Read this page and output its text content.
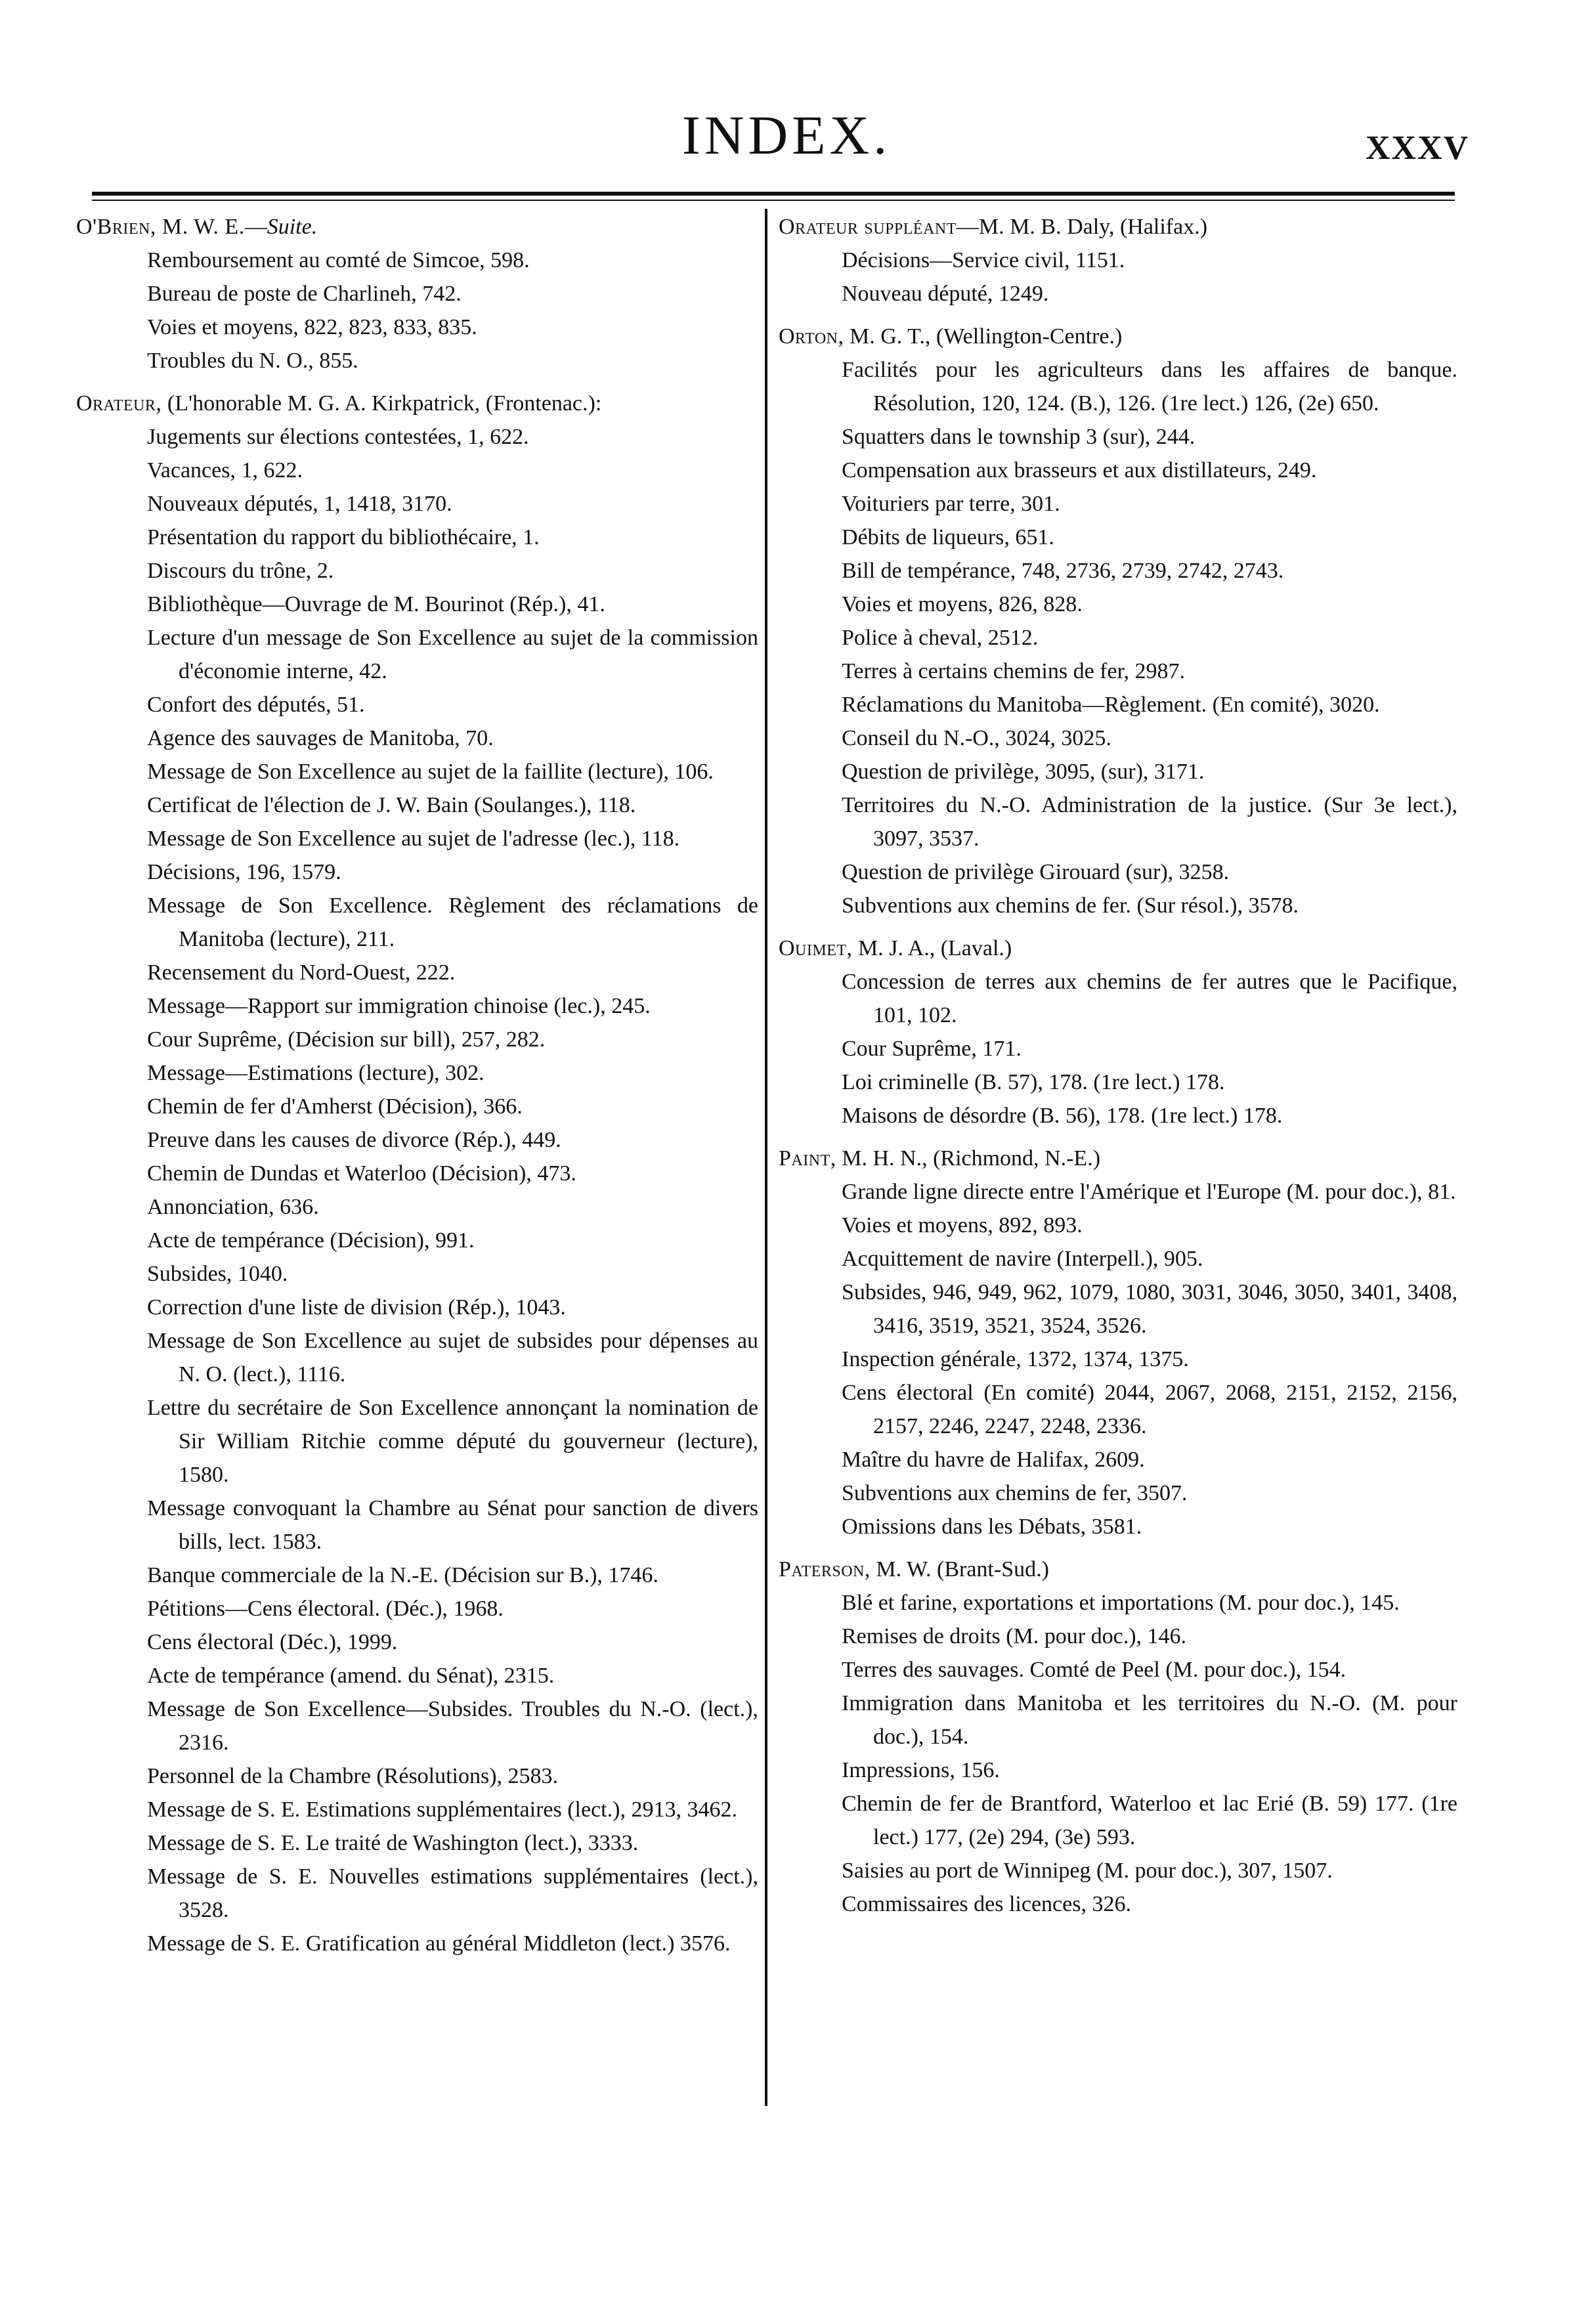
INDEX.	XXXV
O'Brien, M. W. E.—Suite.
Remboursement au comté de Simcoe, 598.
Bureau de poste de Charlineh, 742.
Voies et moyens, 822, 823, 833, 835.
Troubles du N. O., 855.
Orateur, (L'honorable M. G. A. Kirkpatrick, (Frontenac.):
Jugements sur élections contestées, 1, 622.
Vacances, 1, 622.
Nouveaux députés, 1, 1418, 3170.
Présentation du rapport du bibliothécaire, 1.
Discours du trône, 2.
Bibliothèque—Ouvrage de M. Bourinot (Rép.), 41.
Lecture d'un message de Son Excellence au sujet de la commission d'économie interne, 42.
Confort des députés, 51.
Agence des sauvages de Manitoba, 70.
Message de Son Excellence au sujet de la faillite (lecture), 106.
Certificat de l'élection de J. W. Bain (Soulanges.), 118.
Message de Son Excellence au sujet de l'adresse (lec.), 118.
Décisions, 196, 1579.
Message de Son Excellence. Règlement des réclamations de Manitoba (lecture), 211.
Recensement du Nord-Ouest, 222.
Message—Rapport sur immigration chinoise (lec.), 245.
Cour Suprême, (Décision sur bill), 257, 282.
Message—Estimations (lecture), 302.
Chemin de fer d'Amherst (Décision), 366.
Preuve dans les causes de divorce (Rép.), 449.
Chemin de Dundas et Waterloo (Décision), 473.
Annonciation, 636.
Acte de tempérance (Décision), 991.
Subsides, 1040.
Correction d'une liste de division (Rép.), 1043.
Message de Son Excellence au sujet de subsides pour dépenses au N. O. (lect.), 1116.
Lettre du secrétaire de Son Excellence annonçant la nomination de Sir William Ritchie comme député du gouverneur (lecture), 1580.
Message convoquant la Chambre au Sénat pour sanction de divers bills, lect. 1583.
Banque commerciale de la N.-E. (Décision sur B.), 1746.
Pétitions—Cens électoral. (Déc.), 1968.
Cens électoral (Déc.), 1999.
Acte de tempérance (amend. du Sénat), 2315.
Message de Son Excellence—Subsides. Troubles du N.-O. (lect.), 2316.
Personnel de la Chambre (Résolutions), 2583.
Message de S. E. Estimations supplémentaires (lect.), 2913, 3462.
Message de S. E. Le traité de Washington (lect.), 3333.
Message de S. E. Nouvelles estimations supplémentaires (lect.), 3528.
Message de S. E. Gratification au général Middleton (lect.) 3576.
Orateur suppléant—M. M. B. Daly, (Halifax.)
Décisions—Service civil, 1151.
Nouveau député, 1249.
Orton, M. G. T., (Wellington-Centre.)
Facilités pour les agriculteurs dans les affaires de banque. Résolution, 120, 124. (B.), 126. (1re lect.) 126, (2e) 650.
Squatters dans le township 3 (sur), 244.
Compensation aux brasseurs et aux distillateurs, 249.
Voituriers par terre, 301.
Débits de liqueurs, 651.
Bill de tempérance, 748, 2736, 2739, 2742, 2743.
Voies et moyens, 826, 828.
Police à cheval, 2512.
Terres à certains chemins de fer, 2987.
Réclamations du Manitoba—Règlement. (En comité), 3020.
Conseil du N.-O., 3024, 3025.
Question de privilège, 3095, (sur), 3171.
Territoires du N.-O. Administration de la justice. (Sur 3e lect.), 3097, 3537.
Question de privilège Girouard (sur), 3258.
Subventions aux chemins de fer. (Sur résol.), 3578.
Ouimet, M. J. A., (Laval.)
Concession de terres aux chemins de fer autres que le Pacifique, 101, 102.
Cour Suprême, 171.
Loi criminelle (B. 57), 178. (1re lect.) 178.
Maisons de désordre (B. 56), 178. (1re lect.) 178.
Paint, M. H. N., (Richmond, N.-E.)
Grande ligne directe entre l'Amérique et l'Europe (M. pour doc.), 81.
Voies et moyens, 892, 893.
Acquittement de navire (Interpell.), 905.
Subsides, 946, 949, 962, 1079, 1080, 3031, 3046, 3050, 3401, 3408, 3416, 3519, 3521, 3524, 3526.
Inspection générale, 1372, 1374, 1375.
Cens électoral (En comité) 2044, 2067, 2068, 2151, 2152, 2156, 2157, 2246, 2247, 2248, 2336.
Maître du havre de Halifax, 2609.
Subventions aux chemins de fer, 3507.
Omissions dans les Débats, 3581.
Paterson, M. W. (Brant-Sud.)
Blé et farine, exportations et importations (M. pour doc.), 145.
Remises de droits (M. pour doc.), 146.
Terres des sauvages. Comté de Peel (M. pour doc.), 154.
Immigration dans Manitoba et les territoires du N.-O. (M. pour doc.), 154.
Impressions, 156.
Chemin de fer de Brantford, Waterloo et lac Erié (B. 59) 177. (1re lect.) 177, (2e) 294, (3e) 593.
Saisies au port de Winnipeg (M. pour doc.), 307, 1507.
Commissaires des licences, 326.
